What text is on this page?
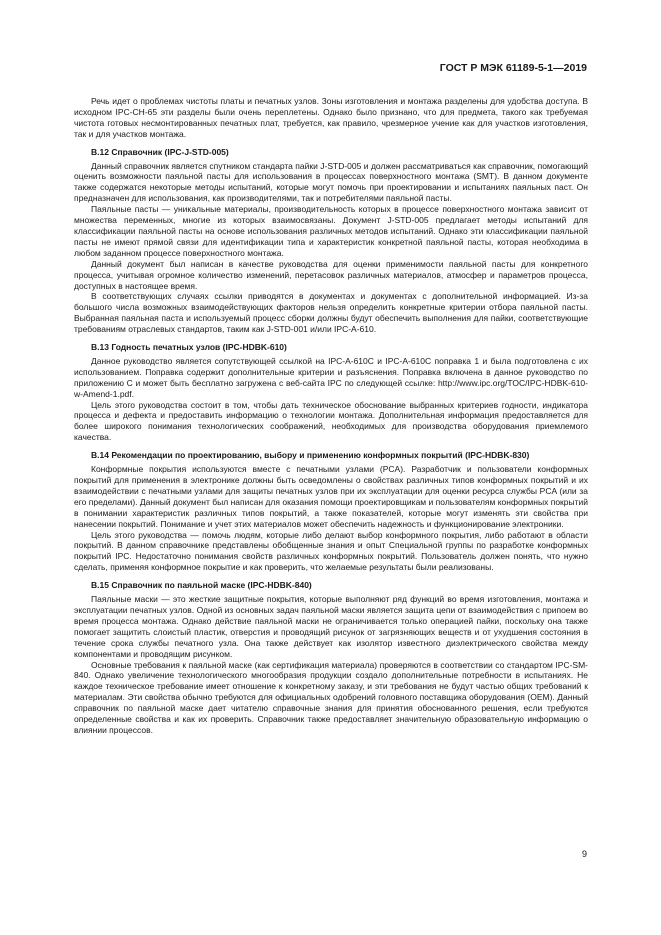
ГОСТ Р МЭК 61189-5-1—2019

Речь идет о проблемах чистоты платы и печатных узлов. Зоны изготовления и монтажа разделены для удобства доступа. В исходном IPC-CH-65 эти разделы были очень переплетены. Однако было признано, что для предмета, такого как требуемая чистота готовых несмонтированных печатных плат, требуется, как правило, чрезмерное учение как для участков изготовления, так и для участков монтажа.

В.12 Справочник (IPC-J-STD-005)

Данный справочник является спутником стандарта пайки J-STD-005 и должен рассматриваться как справочник, помогающий оценить возможности паяльной пасты для использования в процессах поверхностного монтажа (SMT). В данном документе также содержатся некоторые методы испытаний, которые могут помочь при проектировании и испытаниях паяльных паст. Он предназначен для использования, как производителями, так и потребителями паяльной пасты.

Паяльные пасты — уникальные материалы, производительность которых в процессе поверхностного монтажа зависит от множества переменных, многие из которых взаимосвязаны. Документ J-STD-005 предлагает методы испытаний для классификации паяльной пасты на основе использования различных методов испытаний. Однако эти классификации паяльной пасты не имеют прямой связи для идентификации типа и характеристик конкретной паяльной пасты, которая необходима в любом заданном процессе поверхностного монтажа.

Данный документ был написан в качестве руководства для оценки применимости паяльной пасты для конкретного процесса, учитывая огромное количество изменений, перетасовок различных материалов, атмосфер и параметров процесса, доступных в настоящее время.

В соответствующих случаях ссылки приводятся в документах и документах с дополнительной информацией. Из-за большого числа возможных взаимодействующих факторов нельзя определить конкретные критерии отбора паяльной пасты. Выбранная паяльная паста и используемый процесс сборки должны будут обеспечить выполнения для пайки, соответствующие требованиям отраслевых стандартов, таким как J-STD-001 и/или IPC-A-610.

В.13 Годность печатных узлов (IPC-HDBK-610)

Данное руководство является сопутствующей ссылкой на IPC-A-610C и IPC-A-610C поправка 1 и была подготовлена с их использованием. Поправка содержит дополнительные критерии и разъяснения. Поправка включена в данное руководство по приложению С и может быть бесплатно загружена с веб-сайта IPC по следующей ссылке: http://www.ipc.org/TOC/IPC-HDBK-610-w-Amend-1.pdf.

Цель этого руководства состоит в том, чтобы дать техническое обоснование выбранных критериев годности, индикатора процесса и дефекта и предоставить информацию о технологии монтажа. Дополнительная информация предоставляется для более широкого понимания технологических соображений, необходимых для производства оборудования приемлемого качества.

В.14 Рекомендации по проектированию, выбору и применению конформных покрытий (IPC-HDBK-830)

Конформные покрытия используются вместе с печатными узлами (PCA). Разработчик и пользователи конформных покрытий для применения в электронике должны быть осведомлены о свойствах различных типов конформных покрытий и их взаимодействии с печатными узлами для защиты печатных узлов при их эксплуатации для оценки ресурса службы PCA (или за его пределами). Данный документ был написан для оказания помощи проектировщикам и пользователям конформных покрытий в понимании характеристик различных типов покрытий, а также показателей, которые могут изменять эти свойства при нанесении покрытий. Понимание и учет этих материалов может обеспечить надежность и функционирование электроники.

Цель этого руководства — помочь людям, которые либо делают выбор конформного покрытия, либо работают в области покрытий. В данном справочнике представлены обобщенные знания и опыт Специальной группы по разработке конформных покрытий IPC. Недостаточно понимания свойств различных конформных покрытий. Пользователь должен понять, что нужно сделать, применяя конформное покрытие и как проверить, что желаемые результаты были реализованы.

В.15 Справочник по паяльной маске (IPC-HDBK-840)

Паяльные маски — это жесткие защитные покрытия, которые выполняют ряд функций во время изготовления, монтажа и эксплуатации печатных узлов. Одной из основных задач паяльной маски является защита цепи от взаимодействия с припоем во время процесса монтажа. Однако действие паяльной маски не ограничивается только операцией пайки, поскольку она также помогает защитить слоистый пластик, отверстия и проводящий рисунок от загрязняющих веществ и от ухудшения состояния в течение срока службы печатного узла. Она также действует как изолятор известного диэлектрического свойства между компонентами и проводящим рисунком.

Основные требования к паяльной маске (как сертификация материала) проверяются в соответствии со стандартом IPC-SM-840. Однако увеличение технологического многообразия продукции создало дополнительные потребности в испытаниях. Не каждое техническое требование имеет отношение к конкретному заказу, и эти требования не будут частью общих требований к материалам. Эти свойства обычно требуются для официальных одобрений головного поставщика оборудования (OEM). Данный справочник по паяльной маске дает читателю справочные знания для принятия обоснованного решения, если требуются определенные свойства и как их проверить. Справочник также предоставляет значительную образовательную информацию о влиянии процессов.

9
